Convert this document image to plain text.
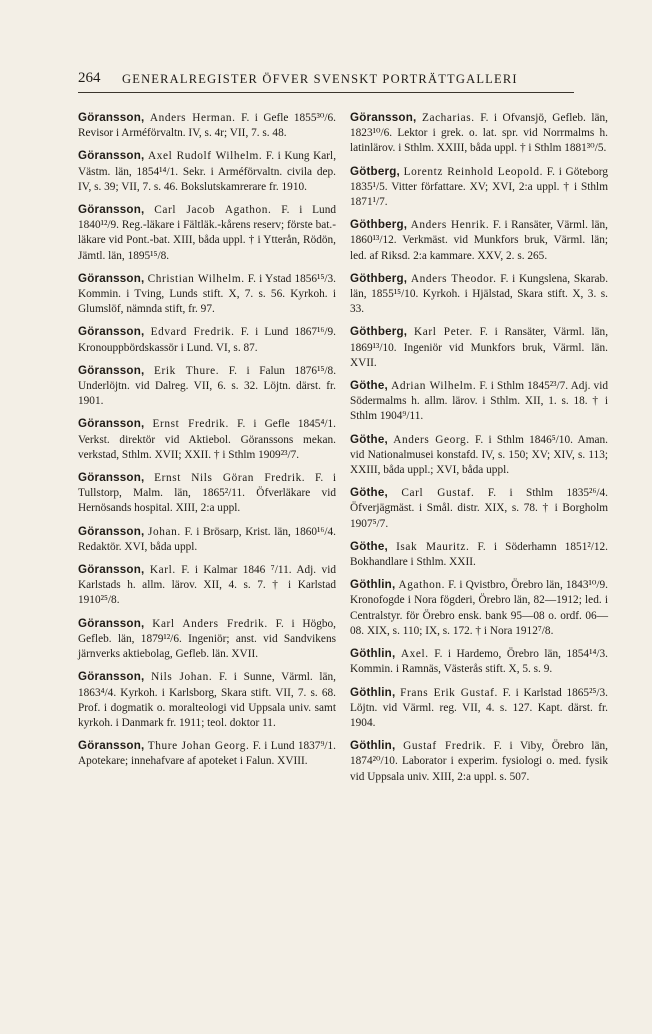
264 GENERALREGISTER ÖFVER SVENSKT PORTRÄTTGALLERI

Göransson, Anders Herman. F. i Gefle 1855³⁰/6. Revisor i Arméförvaltn. IV, s. 4r; VII, 7. s. 48.

Göransson, Axel Rudolf Wilhelm. F. i Kung Karl, Västm. län, 1854¹⁴/1. Sekr. i Arméförvaltn. civila dep. IV, s. 39; VII, 7. s. 46. Bokslutskamrerare fr. 1910.

Göransson, Carl Jacob Agathon. F. i Lund 1840¹²/9. Reg.-läkare i Fältläk.-kårens reserv; förste bat.-läkare vid Pont.-bat. XIII, båda uppl. † i Ytterån, Rödön, Jämtl. län, 1895¹⁵/8.

Göransson, Christian Wilhelm. F. i Ystad 1856¹⁵/3. Kommin. i Tving, Lunds stift. X, 7. s. 56. Kyrkoh. i Glumslöf, nämnda stift, fr. 97.

Göransson, Edvard Fredrik. F. i Lund 1867¹⁶/9. Kronouppbördskassör i Lund. VI, s. 87.

Göransson, Erik Thure. F. i Falun 1876¹⁵/8. Underlöjtn. vid Dalreg. VII, 6. s. 32. Löjtn. därst. fr. 1901.

Göransson, Ernst Fredrik. F. i Gefle 1845⁴/1. Verkst. direktör vid Aktiebol. Göranssons mekan. verkstad, Sthlm. XVII; XXII. † i Sthlm 1909²³/7.

Göransson, Ernst Nils Göran Fredrik. F. i Tullstorp, Malm. län, 1865²/11. Öfverläkare vid Hernösands hospital. XIII, 2:a uppl.

Göransson, Johan. F. i Brösarp, Krist. län, 1860¹⁶/4. Redaktör. XVI, båda uppl.

Göransson, Karl. F. i Kalmar 1846 ⁷/11. Adj. vid Karlstads h. allm. lärov. XII, 4. s. 7. † i Karlstad 1910²⁵/8.

Göransson, Karl Anders Fredrik. F. i Högbo, Gefleb. län, 1879¹²/6. Ingeniör; anst. vid Sandvikens järnverks aktiebolag, Gefleb. län. XVII.

Göransson, Nils Johan. F. i Sunne, Värml. län, 1863⁴/4. Kyrkoh. i Karlsborg, Skara stift. VII, 7. s. 68. Prof. i dogmatik o. moralteologi vid Uppsala univ. samt kyrkoh. i Danmark fr. 1911; teol. doktor 11.

Göransson, Thure Johan Georg. F. i Lund 1837⁹/1. Apotekare; innehafvare af apoteket i Falun. XVIII.

Göransson, Zacharias. F. i Ofvansjö, Gefleb. län, 1823¹⁰/6. Lektor i grek. o. lat. spr. vid Norrmalms h. latinlärov. i Sthlm. XXIII, båda uppl. † i Sthlm 1881³⁰/5.

Götberg, Lorentz Reinhold Leopold. F. i Göteborg 1835¹/5. Vitter författare. XV; XVI, 2:a uppl. † i Sthlm 1871¹/7.

Göthberg, Anders Henrik. F. i Ransäter, Värml. län, 1860¹³/12. Verkmäst. vid Munkfors bruk, Värml. län; led. af Riksd. 2:a kammare. XXV, 2. s. 265.

Göthberg, Anders Theodor. F. i Kungslena, Skarab. län, 1855¹⁵/10. Kyrkoh. i Hjälstad, Skara stift. X, 3. s. 33.

Göthberg, Karl Peter. F. i Ransäter, Värml. län, 1869¹³/10. Ingeniör vid Munkfors bruk, Värml. län. XVII.

Göthe, Adrian Wilhelm. F. i Sthlm 1845²³/7. Adj. vid Södermalms h. allm. lärov. i Sthlm. XII, 1. s. 18. † i Sthlm 1904⁹/11.

Göthe, Anders Georg. F. i Sthlm 1846⁵/10. Aman. vid Nationalmusei konstafd. IV, s. 150; XV; XIV, s. 113; XXIII, båda uppl.; XVI, båda uppl.

Göthe, Carl Gustaf. F. i Sthlm 1835²⁶/4. Öfverjägmäst. i Smål. distr. XIX, s. 78. † i Borgholm 1907⁵/7.

Göthe, Isak Mauritz. F. i Söderhamn 1851²/12. Bokhandlare i Sthlm. XXII.

Göthlin, Agathon. F. i Qvistbro, Örebro län, 1843¹⁰/9. Kronofogde i Nora fögderi, Örebro län, 82—1912; led. i Centralstyr. för Örebro ensk. bank 95—08 o. ordf. 06—08. XIX, s. 110; IX, s. 172. † i Nora 1912⁷/8.

Göthlin, Axel. F. i Hardemo, Örebro län, 1854¹⁴/3. Kommin. i Ramnäs, Västerås stift. X, 5. s. 9.

Göthlin, Frans Erik Gustaf. F. i Karlstad 1865²⁵/3. Löjtn. vid Värml. reg. VII, 4. s. 127. Kapt. därst. fr. 1904.

Göthlin, Gustaf Fredrik. F. i Viby, Örebro län, 1874²⁰/10. Laborator i experim. fysiologi o. med. fysik vid Uppsala univ. XIII, 2:a uppl. s. 507.
